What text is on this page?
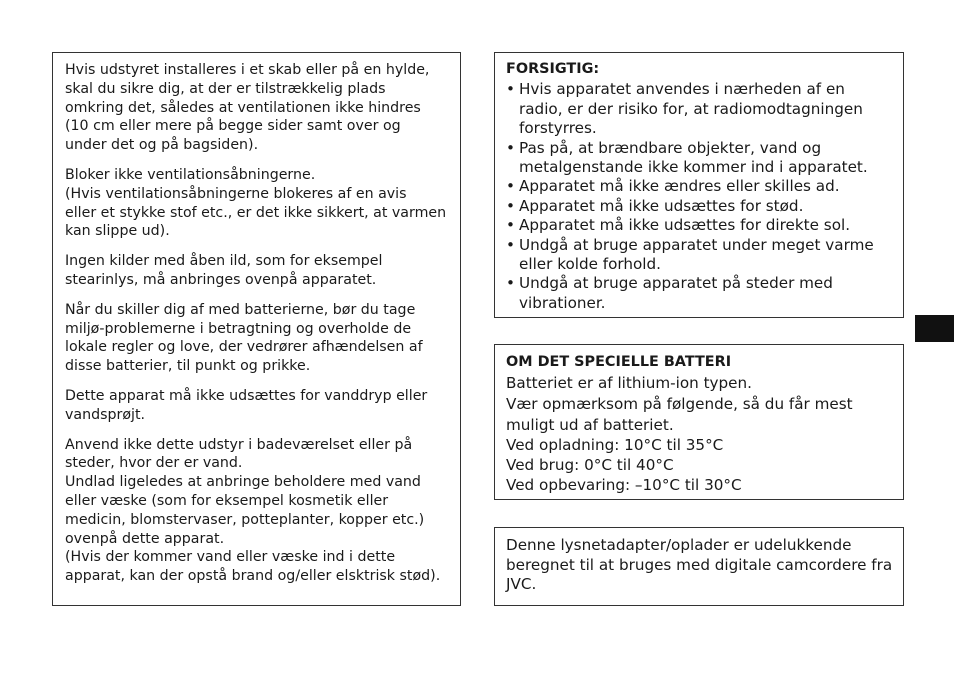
Hvis udstyret installeres i et skab eller på en hylde,
skal du sikre dig, at der er tilstrækkelig plads
omkring det, således at ventilationen ikke hindres
(10 cm eller mere på begge sider samt over og
under det og på bagsiden).

Bloker ikke ventilationsåbningerne.
(Hvis ventilationsåbningerne blokeres af en avis
eller et stykke stof etc., er det ikke sikkert, at varmen
kan slippe ud).

Ingen kilder med åben ild, som for eksempel
stearinlys, må anbringes ovenpå apparatet.

Når du skiller dig af med batterierne, bør du tage
miljø-problemerne i betragtning og overholde de
lokale regler og love, der vedrører afhændelsen af
disse batterier, til punkt og prikke.

Dette apparat må ikke udsættes for vanddryp eller
vandsprøjt.

Anvend ikke dette udstyr i badeværelset eller på
steder, hvor der er vand.
Undlad ligeledes at anbringe beholdere med vand
eller væske (som for eksempel kosmetik eller
medicin, blomstervaser, potteplanter, kopper etc.)
ovenpå dette apparat.
(Hvis der kommer vand eller væske ind i dette
apparat, kan der opstå brand og/eller elsktrisk stød).

FORSIGTIG:
• Hvis apparatet anvendes i nærheden af en radio, er der risiko for, at radiomodtagningen forstyrres.
• Pas på, at brændbare objekter, vand og metalgenstande ikke kommer ind i apparatet.
• Apparatet må ikke ændres eller skilles ad.
• Apparatet må ikke udsættes for stød.
• Apparatet må ikke udsættes for direkte sol.
• Undgå at bruge apparatet under meget varme eller kolde forhold.
• Undgå at bruge apparatet på steder med vibrationer.
OM DET SPECIELLE BATTERI

Batteriet er af lithium-ion typen.

Vær opmærksom på følgende, så du får mest muligt ud af batteriet.

Ved opladning: 10°C til 35°C

Ved brug: 0°C til 40°C

Ved opbevaring: –10°C til 30°C

Denne lysnetadapter/oplader er udelukkende beregnet til at bruges med digitale camcordere fra JVC.
